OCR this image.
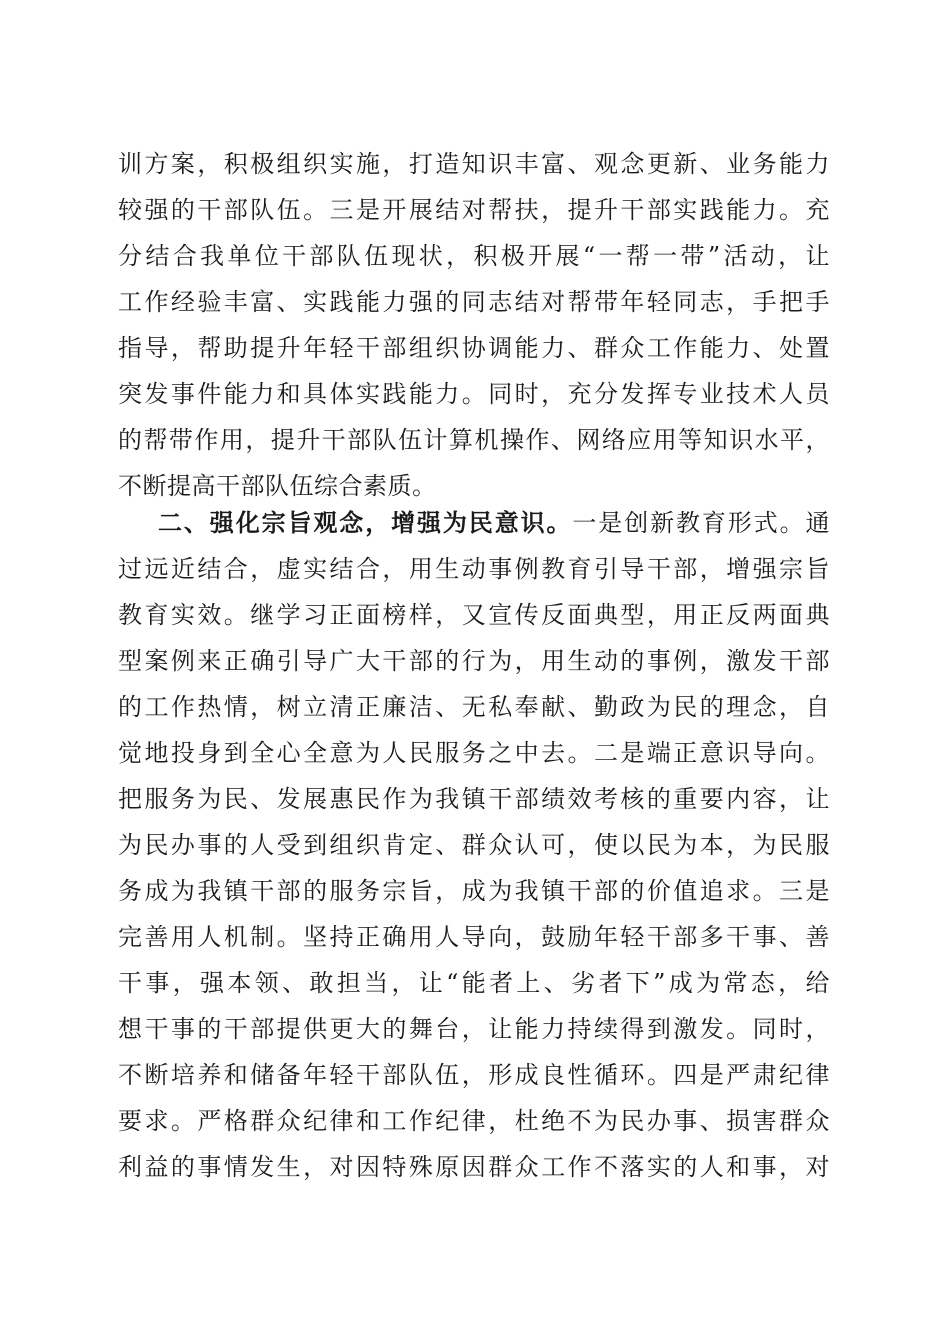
训方案，积极组织实施，打造知识丰富、观念更新、业务能力
较强的干部队伍。三是开展结对帮扶，提升干部实践能力。充
分结合我单位干部队伍现状，积极开展“一帮一带”活动，让
工作经验丰富、实践能力强的同志结对帮带年轻同志，手把手
指导，帮助提升年轻干部组织协调能力、群众工作能力、处置
突发事件能力和具体实践能力。同时，充分发挥专业技术人员
的帮带作用，提升干部队伍计算机操作、网络应用等知识水平，
不断提高干部队伍综合素质。
二、强化宗旨观念，增强为民意识。一是创新教育形式。通
过远近结合，虚实结合，用生动事例教育引导干部，增强宗旨
教育实效。继学习正面榜样，又宣传反面典型，用正反两面典
型案例来正确引导广大干部的行为，用生动的事例，激发干部
的工作热情，树立清正廉洁、无私奉献、勤政为民的理念，自
觉地投身到全心全意为人民服务之中去。二是端正意识导向。
把服务为民、发展惠民作为我镇干部绩效考核的重要内容，让
为民办事的人受到组织肯定、群众认可，使以民为本，为民服
务成为我镇干部的服务宗旨，成为我镇干部的价值追求。三是
完善用人机制。坚持正确用人导向，鼓励年轻干部多干事、善
干事，强本领、敢担当，让“能者上、劣者下”成为常态，给
想干事的干部提供更大的舞台，让能力持续得到激发。同时，
不断培养和储备年轻干部队伍，形成良性循环。四是严肃纪律
要求。严格群众纪律和工作纪律，杜绝不为民办事、损害群众
利益的事情发生，对因特殊原因群众工作不落实的人和事，对
